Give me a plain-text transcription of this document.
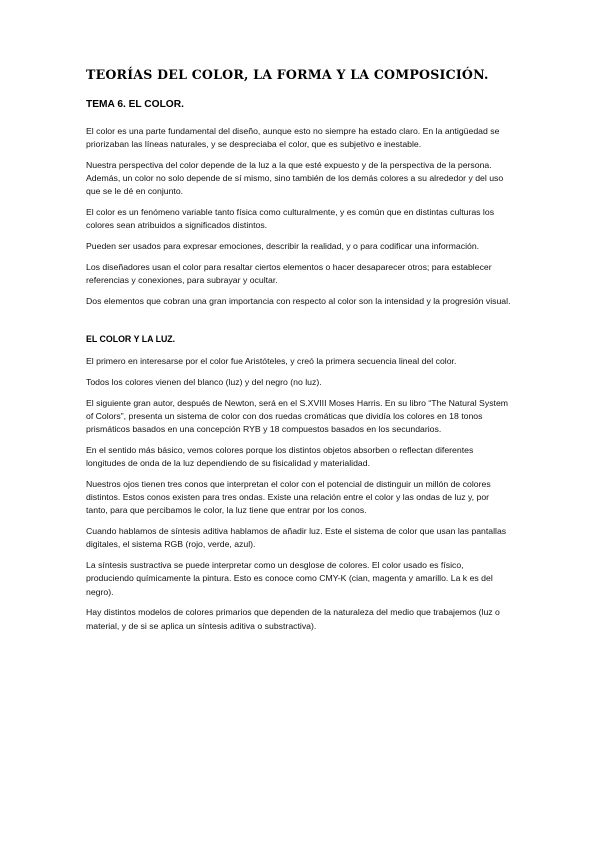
TEORÍAS DEL COLOR, LA FORMA Y LA COMPOSICIÓN.
TEMA 6. EL COLOR.

El color es una parte fundamental del diseño, aunque esto no siempre ha estado claro. En la antigüedad se priorizaban las líneas naturales, y se despreciaba el color, que es subjetivo e inestable.

Nuestra perspectiva del color depende de la luz a la que esté expuesto y de la perspectiva de la persona. Además, un color no solo depende de sí mismo, sino también de los demás colores a su alrededor y del uso que se le dé en conjunto.

El color es un fenómeno variable tanto física como culturalmente, y es común que en distintas culturas los colores sean atribuidos a significados distintos.

Pueden ser usados para expresar emociones, describir la realidad, y o para codificar una información.

Los diseñadores usan el color para resaltar ciertos elementos o hacer desaparecer otros; para establecer referencias y conexiones, para subrayar y ocultar.

Dos elementos que cobran una gran importancia con respecto al color son la intensidad y la progresión visual.

EL COLOR Y LA LUZ.

El primero en interesarse por el color fue Aristóteles, y creó la primera secuencia lineal del color.

Todos los colores vienen del blanco (luz) y del negro (no luz).

El siguiente gran autor, después de Newton, será en el S.XVIII Moses Harris. En su libro “The Natural System of Colors”, presenta un sistema de color con dos ruedas cromáticas que dividía los colores en 18 tonos prismáticos basados en una concepción RYB y 18 compuestos basados en los secundarios.

En el sentido más básico, vemos colores porque los distintos objetos absorben o reflectan diferentes longitudes de onda de la luz dependiendo de su fisicalidad y materialidad.

Nuestros ojos tienen tres conos que interpretan el color con el potencial de distinguir un millón de colores distintos. Estos conos existen para tres ondas. Existe una relación entre el color y las ondas de luz y, por tanto, para que percibamos le color, la luz tiene que entrar por los conos.

Cuando hablamos de síntesis aditiva hablamos de añadir luz. Este el sistema de color que usan las pantallas digitales, el sistema RGB (rojo, verde, azul).

La síntesis sustractiva se puede interpretar como un desglose de colores. El color usado es físico, produciendo químicamente la pintura. Esto es conoce como CMY-K (cian, magenta y amarillo. La k es del negro).

Hay distintos modelos de colores primarios que dependen de la naturaleza del medio que trabajemos (luz o material, y de si se aplica un síntesis aditiva o substractiva).
